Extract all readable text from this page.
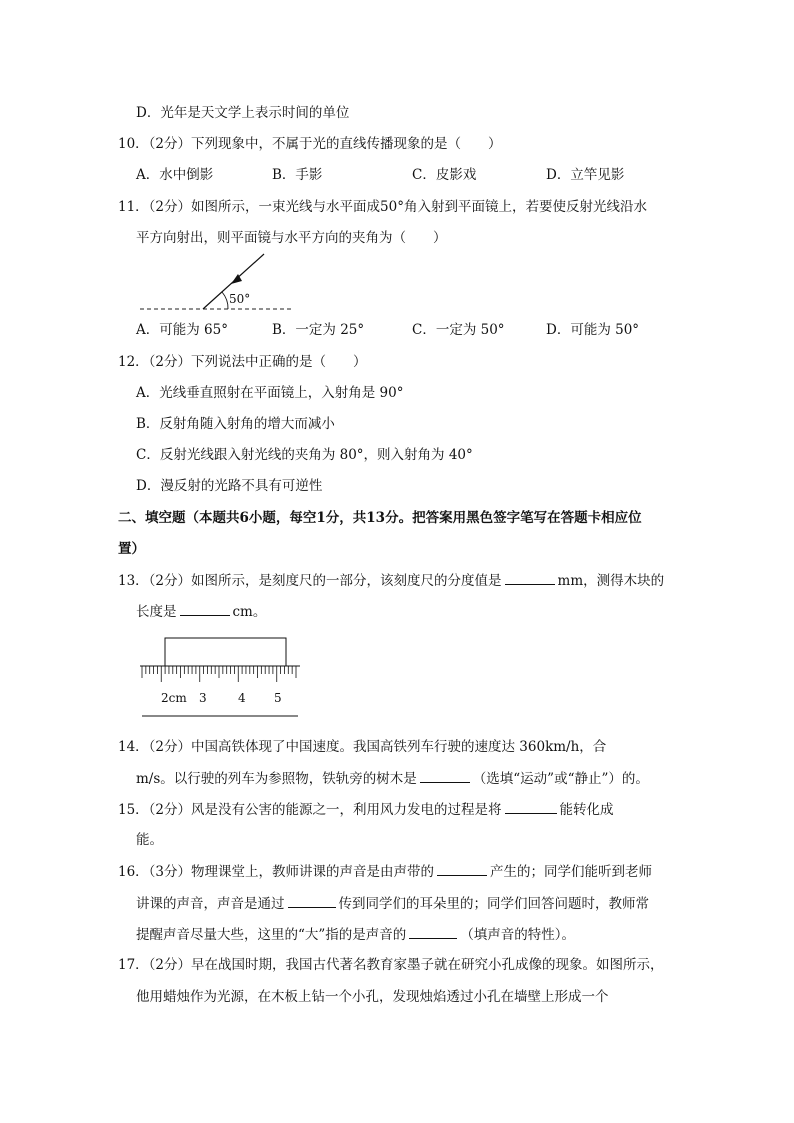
D．光年是天文学上表示时间的单位
10．（2分）下列现象中，不属于光的直线传播现象的是（　　）
A．水中倒影	B．手影	C．皮影戏	D．立竿见影
11．（2分）如图所示，一束光线与水平面成50°角入射到平面镜上，若要使反射光线沿水
平方向射出，则平面镜与水平方向的夹角为（　　）
50°
A．可能为 65°	B．一定为 25°	C．一定为 50°	D．可能为 50°
12．（2分）下列说法中正确的是（　　）
A．光线垂直照射在平面镜上，入射角是 90°
B．反射角随入射角的增大而减小
C．反射光线跟入射光线的夹角为 80°，则入射角为 40°
D．漫反射的光路不具有可逆性
二、填空题（本题共6小题，每空1分，共13分。把答案用黑色签字笔写在答题卡相应位
置）
13．（2分）如图所示，是刻度尺的一部分，该刻度尺的分度值是	mm，测得木块的
长度是	cm。
2cm 3	4 5
14．（2分）中国高铁体现了中国速度。我国高铁列车行驶的速度达 360km/h，合
m/s。以行驶的列车为参照物，铁轨旁的树木是	（选填“运动”或“静止”）的。
15．（2分）风是没有公害的能源之一，利用风力发电的过程是将	能转化成
能。
16．（3分）物理课堂上，教师讲课的声音是由声带的	产生的；同学们能听到老师
讲课的声音，声音是通过	传到同学们的耳朵里的；同学们回答问题时，教师常
提醒声音尽量大些，这里的“大”指的是声音的	（填声音的特性）。
17．（2分）早在战国时期，我国古代著名教育家墨子就在研究小孔成像的现象。如图所示，
他用蜡烛作为光源，在木板上钻一个小孔，发现烛焰透过小孔在墙壁上形成一个
